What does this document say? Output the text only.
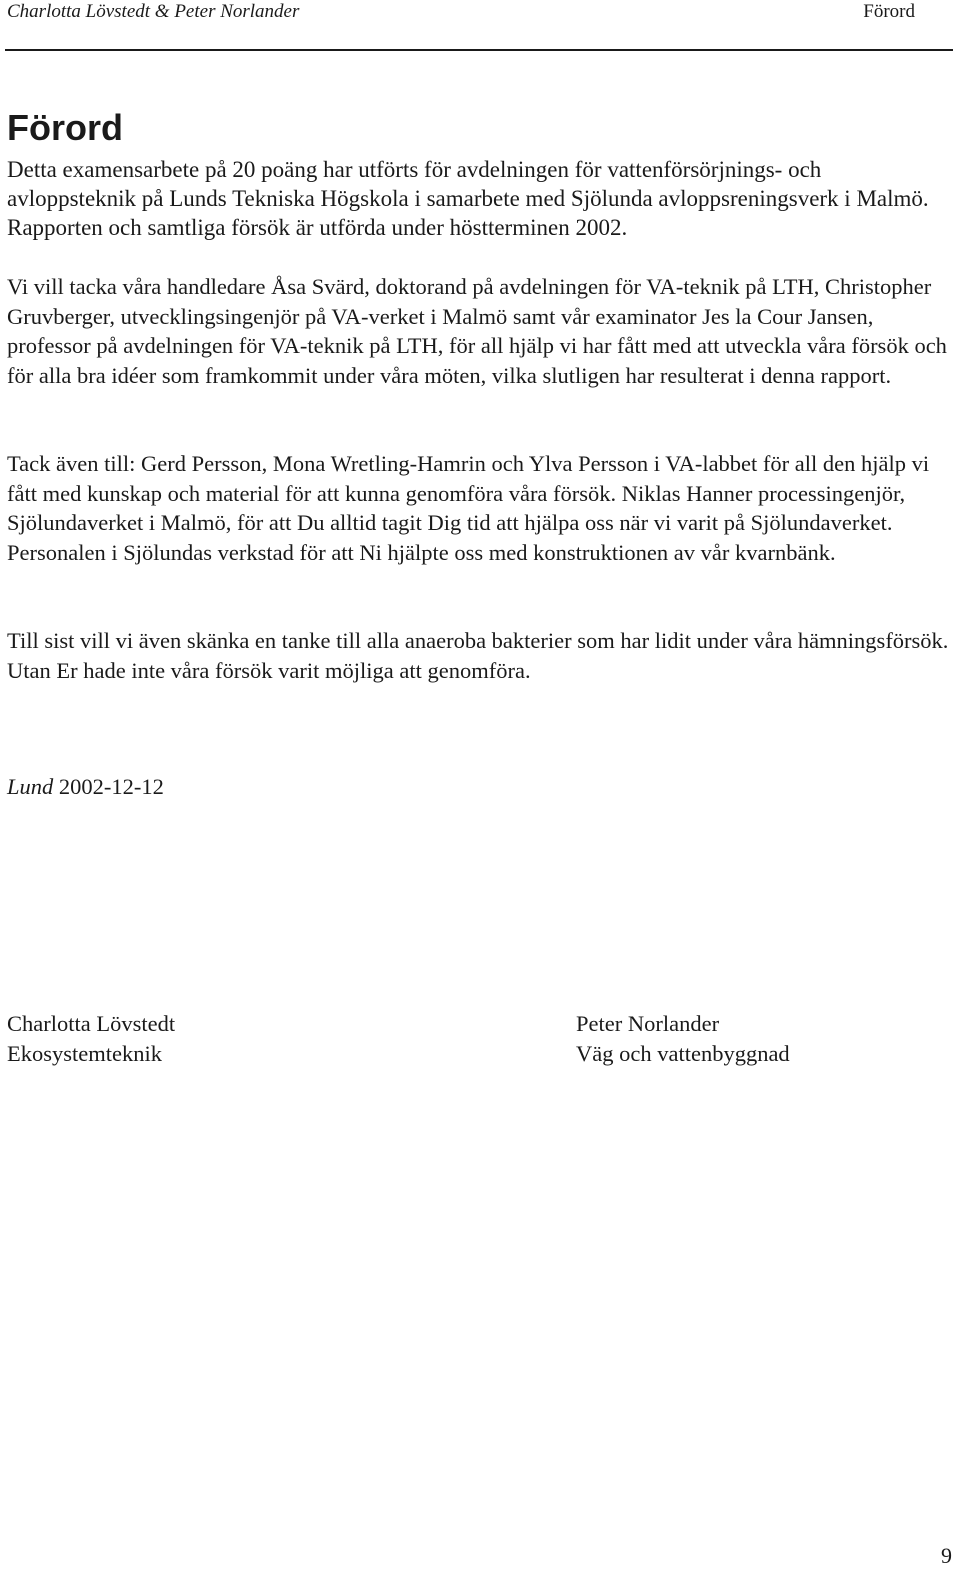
Charlotta Lövstedt & Peter Norlander	Förord
Förord

Detta examensarbete på 20 poäng har utförts för avdelningen för vattenförsörjnings- och avloppsteknik på Lunds Tekniska Högskola i samarbete med Sjölunda avloppsreningsverk i Malmö. Rapporten och samtliga försök är utförda under höstterminen 2002.

Vi vill tacka våra handledare Åsa Svärd, doktorand på avdelningen för VA-teknik på LTH, Christopher Gruvberger, utvecklingsingenjör på VA-verket i Malmö samt vår examinator Jes la Cour Jansen, professor på avdelningen för VA-teknik på LTH, för all hjälp vi har fått med att utveckla våra försök och för alla bra idéer som framkommit under våra möten, vilka slutligen har resulterat i denna rapport.

Tack även till: Gerd Persson, Mona Wretling-Hamrin och Ylva Persson i VA-labbet för all den hjälp vi fått med kunskap och material för att kunna genomföra våra försök. Niklas Hanner processingenjör, Sjölundaverket i Malmö, för att Du alltid tagit Dig tid att hjälpa oss när vi varit på Sjölundaverket. Personalen i Sjölundas verkstad för att Ni hjälpte oss med konstruktionen av vår kvarnbänk.

Till sist vill vi även skänka en tanke till alla anaeroba bakterier som har lidit under våra hämningsförsök. Utan Er hade inte våra försök varit möjliga att genomföra.

Lund 2002-12-12

Charlotta Lövstedt
Ekosystemteknik
Peter Norlander
Väg och vattenbyggnad
9
